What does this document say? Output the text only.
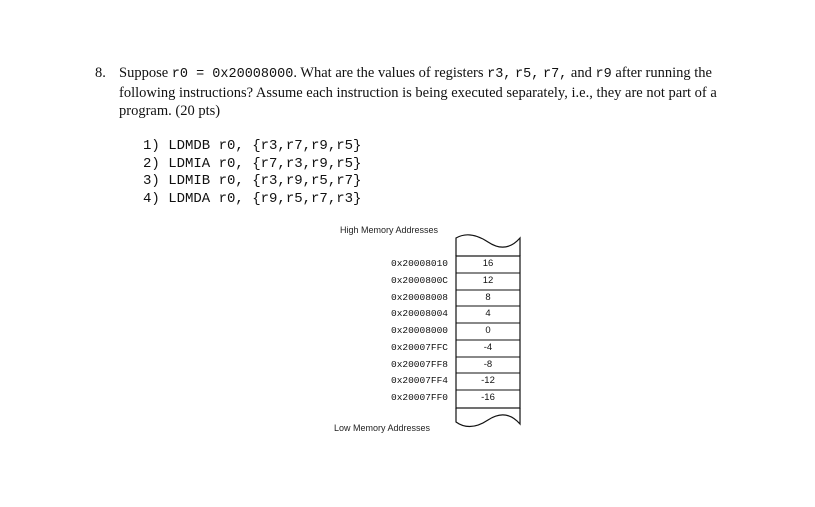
8. Suppose r0 = 0x20008000. What are the values of registers r3, r5, r7, and r9 after running the following instructions? Assume each instruction is being executed separately, i.e., they are not part of a program. (20 pts)
1) LDMDB r0, {r3,r7,r9,r5}
2) LDMIA r0, {r7,r3,r9,r5}
3) LDMIB r0, {r3,r9,r5,r7}
4) LDMDA r0, {r9,r5,r7,r3}
High Memory Addresses
Low Memory Addresses
0x20008010	16
0x2000800C	12
0x20008008	8
0x20008004	4
0x20008000	0
0x20007FFC	-4
0x20007FF8	-8
0x20007FF4	-12
0x20007FF0	-16
